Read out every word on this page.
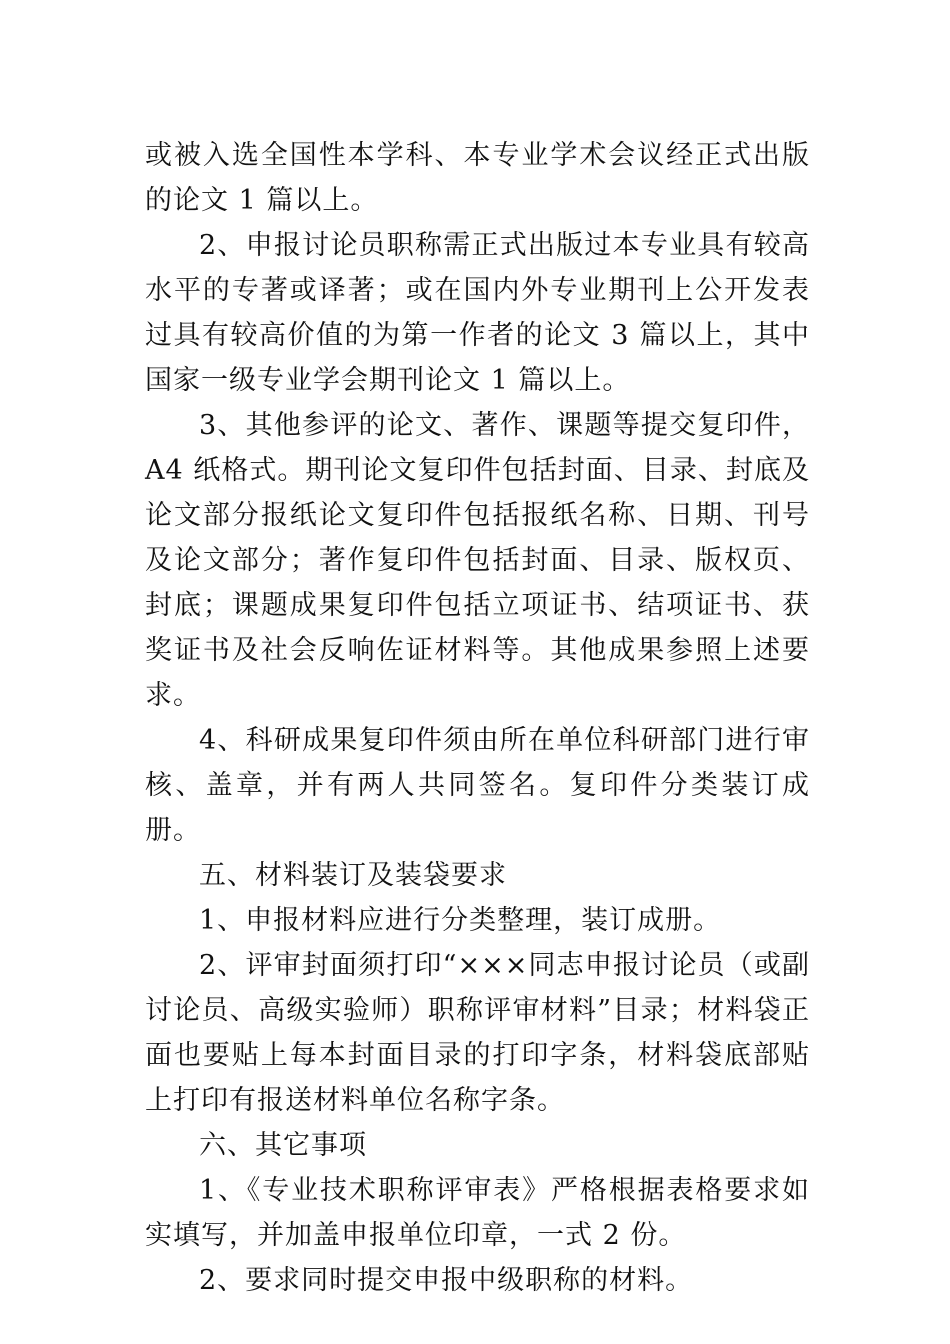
或被入选全国性本学科、本专业学术会议经正式出版的论文 1 篇以上。

2、申报讨论员职称需正式出版过本专业具有较高水平的专著或译著；或在国内外专业期刊上公开发表过具有较高价值的为第一作者的论文 3 篇以上，其中国家一级专业学会期刊论文 1 篇以上。

3、其他参评的论文、著作、课题等提交复印件，A4 纸格式。期刊论文复印件包括封面、目录、封底及论文部分报纸论文复印件包括报纸名称、日期、刊号及论文部分；著作复印件包括封面、目录、版权页、封底；课题成果复印件包括立项证书、结项证书、获奖证书及社会反响佐证材料等。其他成果参照上述要求。

4、科研成果复印件须由所在单位科研部门进行审核、盖章，并有两人共同签名。复印件分类装订成册。

五、材料装订及装袋要求

1、申报材料应进行分类整理，装订成册。

2、评审封面须打印“×××同志申报讨论员（或副讨论员、高级实验师）职称评审材料”目录；材料袋正面也要贴上每本封面目录的打印字条，材料袋底部贴上打印有报送材料单位名称字条。

六、其它事项

1、《专业技术职称评审表》严格根据表格要求如实填写，并加盖申报单位印章，一式 2 份。

2、要求同时提交申报中级职称的材料。
